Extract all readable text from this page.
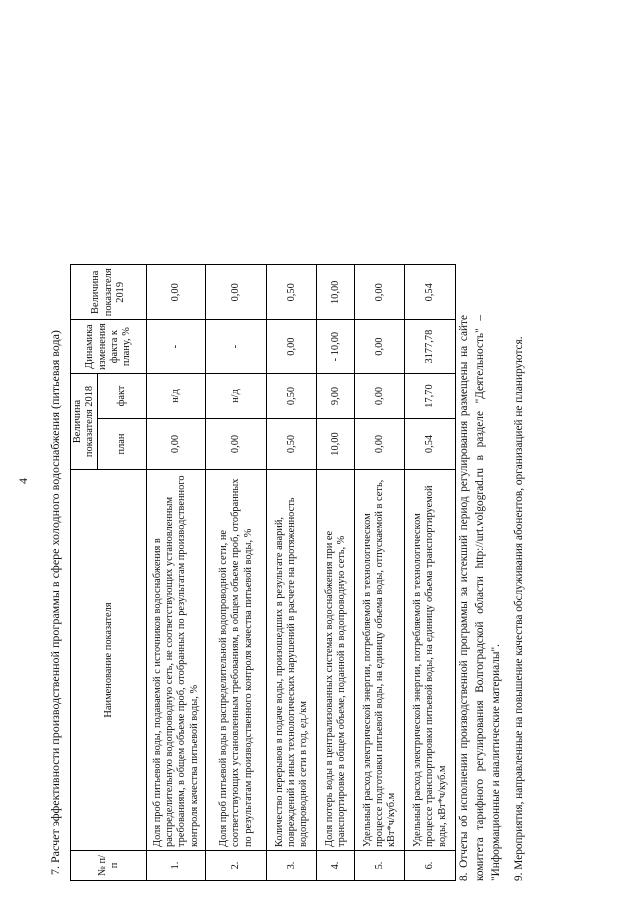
4 7. Расчет эффективности производственной программы в сфере холодного водоснабжения (питьевая вода)	№ п/п	Наименование показателя	Величина показателя 2018		Динамика изменения факта к плану, %	Величина показателя 2019
		план	факт		
1.	Доля проб питьевой воды, подаваемой с источников водоснабжения в распределительную водопроводную сеть, не соответствующих установленным требованиям, в общем объеме проб, отобранных по результатам производственного контроля качества питьевой воды, %	0,00	н/д	-	0,00
2.	Доля проб питьевой воды в распределительной водопроводной сети, не соответствующих установленным требованиям, в общем объеме проб, отобранных по результатам производственного контроля качества питьевой воды, %	0,00	н/д	-	0,00
3.	Количество перерывов в подаче воды, произошедших в результате аварий, повреждений и иных технологических нарушений в расчете на протяженность водопроводной сети в год, ед./км	0,50	0,50	0,00	0,50
4.	Доля потерь воды в централизованных системах водоснабжения при ее транспортировке в общем объеме, поданной в водопроводную сеть, %	10,00	9,00	- 10,00	10,00
5.	Удельный расход электрической энергии, потребляемой в технологическом процессе подготовки питьевой воды, на единицу объема воды, отпускаемой в сеть, кВт*ч/куб.м	0,00	0,00	0,00	0,00
6.	Удельный расход электрической энергии, потребляемой в технологическом процессе транспортировки питьевой воды, на единицу объема транспортируемой воды, кВт*ч/куб.м	0,54	17,70	3177,78	0,54
8. Отчеты об исполнении производственной программы за истекший период регулирования размещены на сайте комитета тарифного регулирования Волгоградской области http://urt.volgograd.ru в разделе "Деятельность" – "Информационные и аналитические материалы". 9. Мероприятия, направленные на повышение качества обслуживания абонентов, организацией не планируются.
